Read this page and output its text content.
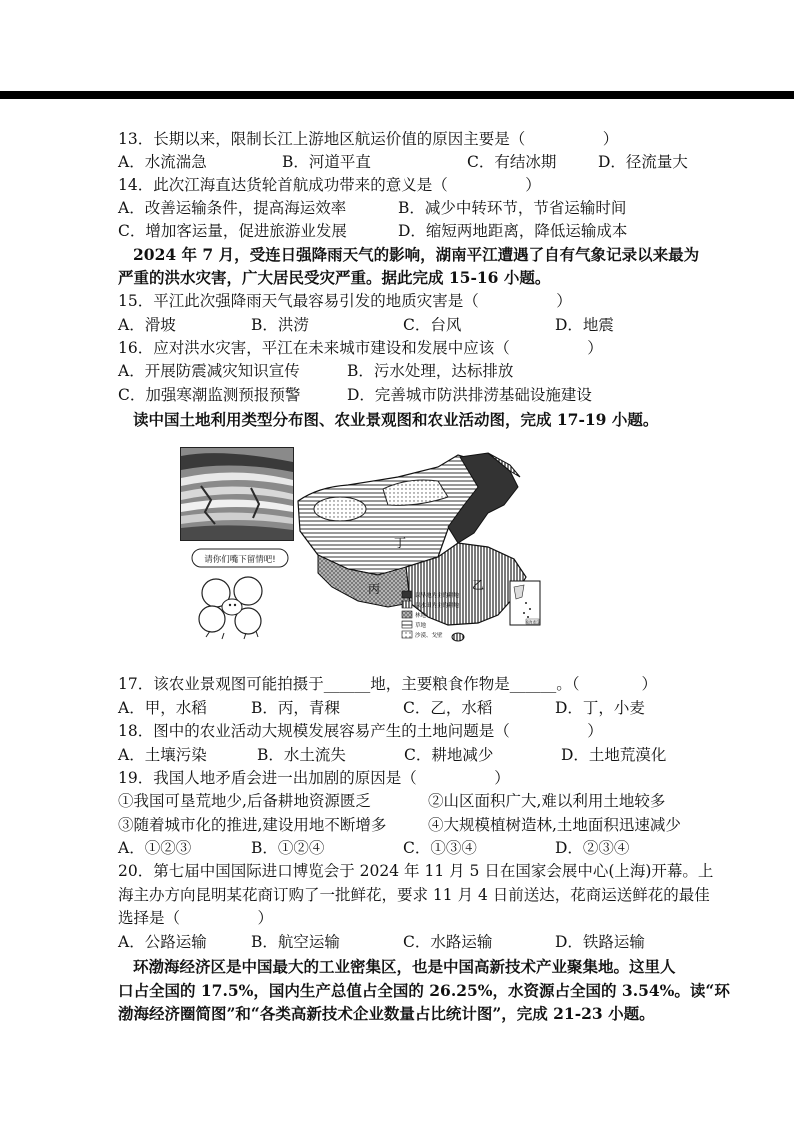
13．长期以来，限制长江上游地区航运价值的原因主要是（　　　　　）
A．水流湍急	B．河道平直	C．有结冰期	D．径流量大
14．此次江海直达货轮首航成功带来的意义是（　　　　　）
A．改善运输条件，提高海运效率	B．减少中转环节，节省运输时间
C．增加客运量，促进旅游业发展	D．缩短两地距离，降低运输成本
2024 年 7 月，受连日强降雨天气的影响，湖南平江遭遇了自有气象记录以来最为
严重的洪水灾害，广大居民受灾严重。据此完成 15-16 小题。
15．平江此次强降雨天气最容易引发的地质灾害是（　　　　　）
A．滑坡	B．洪涝	C．台风	D．地震
16．应对洪水灾害，平江在未来城市建设和发展中应该（　　　　　）
A．开展防震减灾知识宣传	B．污水处理，达标排放
C．加强寒潮监测预报预警	D．完善城市防洪排涝基础设施建设
读中国土地利用类型分布图、农业景观图和农业活动图，完成 17-19 小题。
请你们嘴下留情吧!
甲
乙
丙
丁
以旱地为主的耕地
以水田为主的耕地
林地
草地
沙漠、戈壁
南海诸岛
17．该农业景观图可能拍摄于______地，主要粮食作物是______。（　　　　）
A．甲，水稻	B．丙，青稞	C．乙，水稻	D．丁，小麦
18．图中的农业活动大规模发展容易产生的土地问题是（　　　　　）
A．土壤污染	B．水土流失	C．耕地减少	D．土地荒漠化
19．我国人地矛盾会进一出加剧的原因是（　　　　　）
①我国可垦荒地少,后备耕地资源匮乏	②山区面积广大,难以利用土地较多
③随着城市化的推进,建设用地不断增多	④大规模植树造林,土地面积迅速减少
A．①②③	B．①②④	C．①③④	D．②③④
20．第七届中国国际进口博览会于 2024 年 11 月 5 日在国家会展中心(上海)开幕。上
海主办方向昆明某花商订购了一批鲜花，要求 11 月 4 日前送达，花商运送鲜花的最佳
选择是（　　　　　）
A．公路运输	B．航空运输	C．水路运输	D．铁路运输
环渤海经济区是中国最大的工业密集区，也是中国高新技术产业聚集地。这里人
口占全国的 17.5%，国内生产总值占全国的 26.25%，水资源占全国的 3.54%。读“环
渤海经济圈简图”和“各类高新技术企业数量占比统计图”，完成 21-23 小题。
